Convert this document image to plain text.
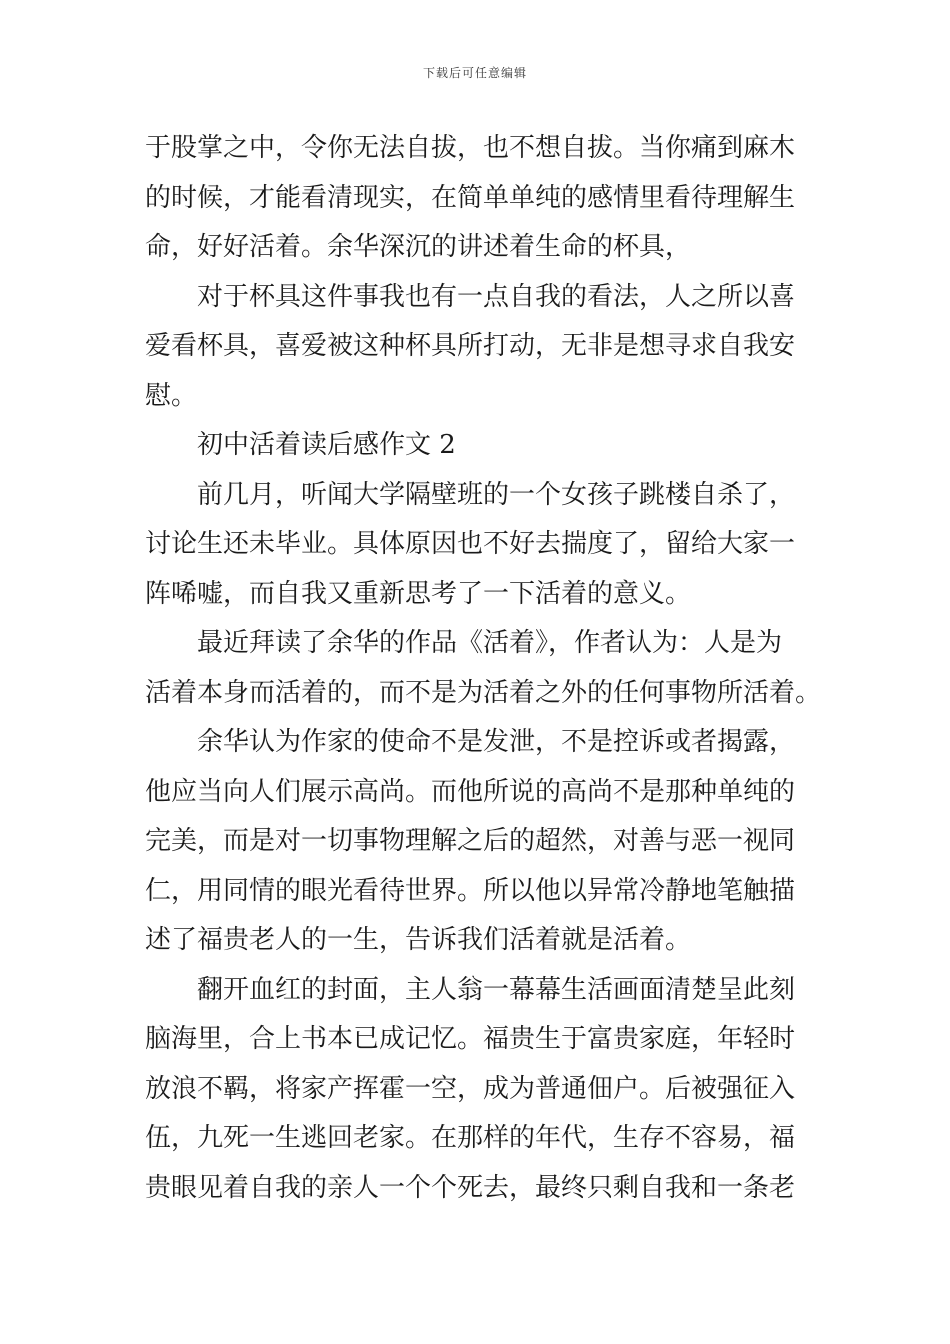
下载后可任意编辑
于股掌之中，令你无法自拔，也不想自拔。当你痛到麻木
的时候，才能看清现实，在简单单纯的感情里看待理解生
命，好好活着。余华深沉的讲述着生命的杯具，
对于杯具这件事我也有一点自我的看法，人之所以喜
爱看杯具，喜爱被这种杯具所打动，无非是想寻求自我安
慰。
初中活着读后感作文 2
前几月，听闻大学隔壁班的一个女孩子跳楼自杀了，
讨论生还未毕业。具体原因也不好去揣度了，留给大家一
阵唏嘘，而自我又重新思考了一下活着的意义。
最近拜读了余华的作品《活着》，作者认为：人是为
活着本身而活着的，而不是为活着之外的任何事物所活着。
余华认为作家的使命不是发泄，不是控诉或者揭露，
他应当向人们展示高尚。而他所说的高尚不是那种单纯的
完美，而是对一切事物理解之后的超然，对善与恶一视同
仁，用同情的眼光看待世界。所以他以异常冷静地笔触描
述了福贵老人的一生，告诉我们活着就是活着。
翻开血红的封面，主人翁一幕幕生活画面清楚呈此刻
脑海里，合上书本已成记忆。福贵生于富贵家庭，年轻时
放浪不羁，将家产挥霍一空，成为普通佃户。后被强征入
伍，九死一生逃回老家。在那样的年代，生存不容易，福
贵眼见着自我的亲人一个个死去，最终只剩自我和一条老
